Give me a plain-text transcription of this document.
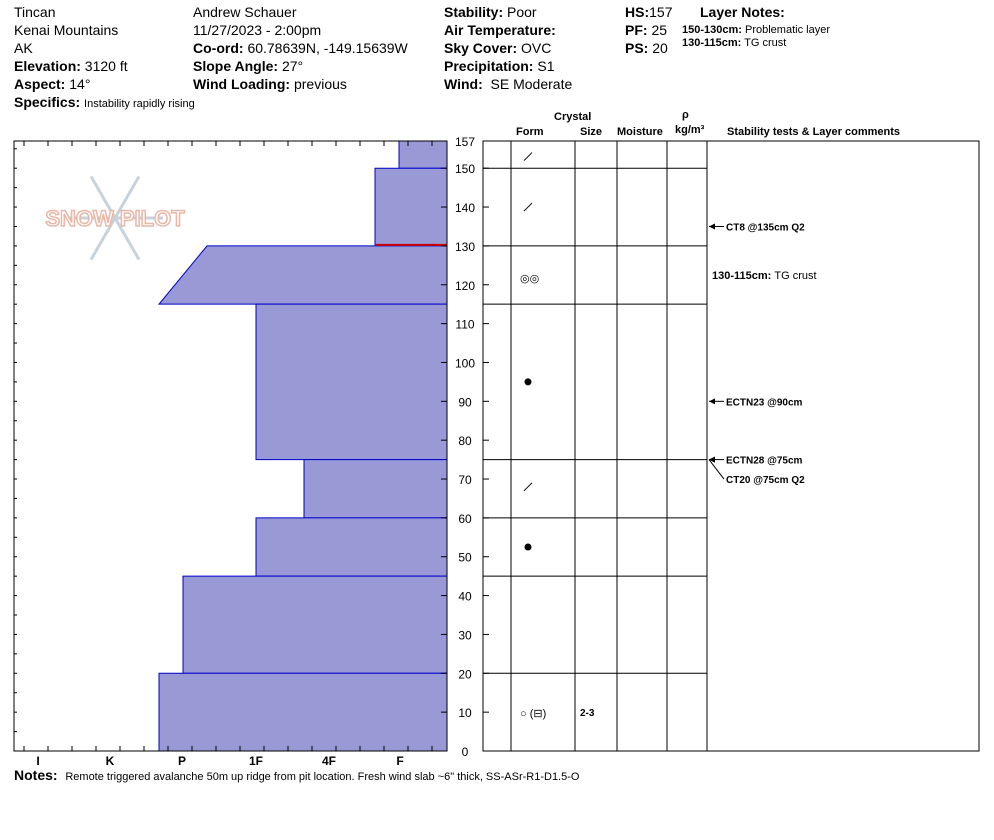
Tincan
Kenai Mountains
AK
Elevation: 3120 ft
Aspect: 14°
Specifics: Instability rapidly rising
Andrew Schauer
11/27/2023 - 2:00pm
Co-ord: 60.78639N, -149.15639W
Slope Angle: 27°
Wind Loading: previous
Stability: Poor
Air Temperature:
Sky Cover: OVC
Precipitation: S1
Wind: SE Moderate
HS:157
PF: 25
PS: 20
Layer Notes:
150-130cm: Problematic layer
130-115cm: TG crust
Crystal
Form	Size Moisture
ρ
kg/m³ Stability tests & Layer comments
SNOW PILOT
I	K	P	1F	4F	F
0
10
20
30
40
50
60
70
80
90
100
110
120
130
140
150
157
◎◎
○ (⊟)	2-3
CT8 @135cm Q2
ECTN23 @90cm
ECTN28 @75cm
CT20 @75cm Q2
130-115cm: TG crust
Notes: Remote triggered avalanche 50m up ridge from pit location. Fresh wind slab ~6" thick, SS-ASr-R1-D1.5-O
